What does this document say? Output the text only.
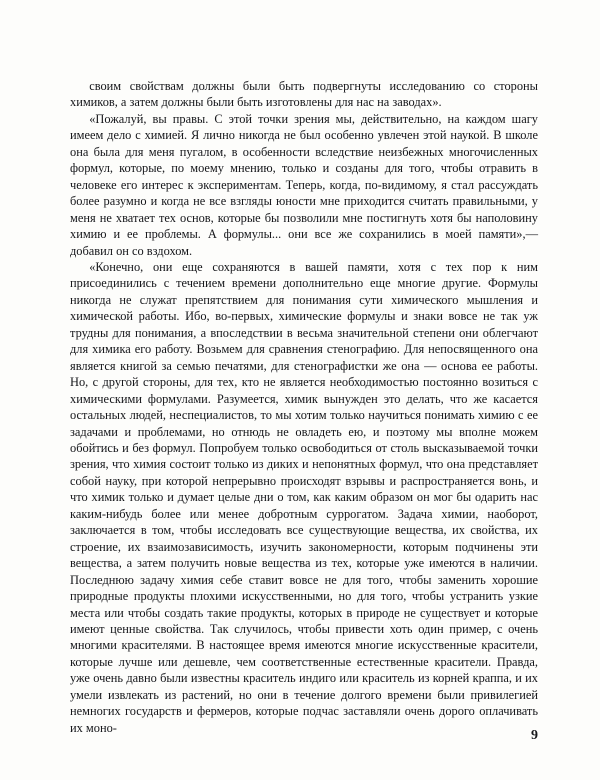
своим свойствам должны были быть подвергнуты исследованию со стороны химиков, а затем должны были быть изготовлены для нас на заводах».

«Пожалуй, вы правы. С этой точки зрения мы, действительно, на каждом шагу имеем дело с химией. Я лично никогда не был особенно увлечен этой наукой. В школе она была для меня пугалом, в особенности вследствие неизбежных многочисленных формул, которые, по моему мнению, только и созданы для того, чтобы отравить в человеке его интерес к экспериментам. Теперь, когда, по-видимому, я стал рассуждать более разумно и когда не все взгляды юности мне приходится считать правильными, у меня не хватает тех основ, которые бы позволили мне постигнуть хотя бы наполовину химию и ее проблемы. А формулы... они все же сохранились в моей памяти»,— добавил он со вздохом.

«Конечно, они еще сохраняются в вашей памяти, хотя с тех пор к ним присоединились с течением времени дополнительно еще многие другие. Формулы никогда не служат препятствием для понимания сути химического мышления и химической работы. Ибо, во-первых, химические формулы и знаки вовсе не так уж трудны для понимания, а впоследствии в весьма значительной степени они облегчают для химика его работу. Возьмем для сравнения стенографию. Для непосвященного она является книгой за семью печатями, для стенографистки же она — основа ее работы. Но, с другой стороны, для тех, кто не является необходимостью постоянно возиться с химическими формулами. Разумеется, химик вынужден это делать, что же касается остальных людей, неспециалистов, то мы хотим только научиться понимать химию с ее задачами и проблемами, но отнюдь не овладеть ею, и поэтому мы вполне можем обойтись и без формул. Попробуем только освободиться от столь высказываемой точки зрения, что химия состоит только из диких и непонятных формул, что она представляет собой науку, при которой непрерывно происходят взрывы и распространяется вонь, и что химик только и думает целые дни о том, как каким образом он мог бы одарить нас каким-нибудь более или менее добротным суррогатом. Задача химии, наоборот, заключается в том, чтобы исследовать все существующие вещества, их свойства, их строение, их взаимозависимость, изучить закономерности, которым подчинены эти вещества, а затем получить новые вещества из тех, которые уже имеются в наличии. Последнюю задачу химия себе ставит вовсе не для того, чтобы заменить хорошие природные продукты плохими искусственными, но для того, чтобы устранить узкие места или чтобы создать такие продукты, которых в природе не существует и которые имеют ценные свойства. Так случилось, чтобы привести хоть один пример, с очень многими красителями. В настоящее время имеются многие искусственные красители, которые лучше или дешевле, чем соответственные естественные красители. Правда, уже очень давно были известны краситель индиго или краситель из корней краппа, и их умели извлекать из растений, но они в течение долгого времени были привилегией немногих государств и фермеров, которые подчас заставляли очень дорого оплачивать их моно-

9
